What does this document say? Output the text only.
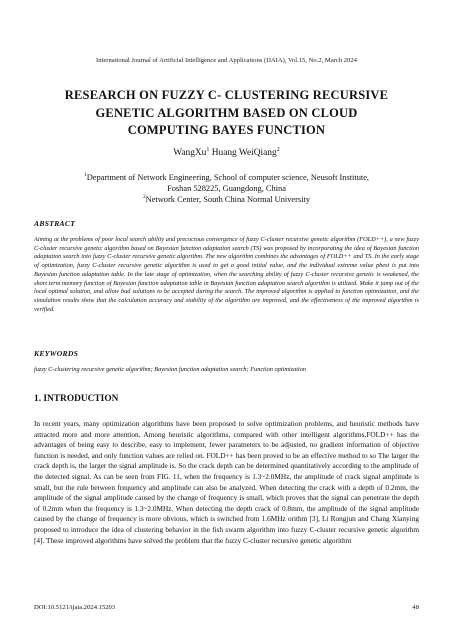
International Journal of Artificial Intelligence and Applications (IJAIA), Vol.15, No.2, March 2024
RESEARCH ON FUZZY C- CLUSTERING RECURSIVE
GENETIC ALGORITHM BASED ON CLOUD
COMPUTING BAYES FUNCTION
WangXu$^1$ Huang WeiQiang$^2$
$^1$Department of Network Engineering, School of computer science, Neusoft Institute,
Foshan 528225, Guangdong, China
$^2$Network Center, South China Normal University
ABSTRACT
Aiming at the problems of poor local search ability and precocious convergence of fuzzy C-cluster recursive genetic algorithm (FOLD++), a new fuzzy C-cluster recursive genetic algorithm based on Bayesian function adaptation search (TS) was proposed by incorporating the idea of Bayesian function adaptation search into fuzzy C-cluster recursive genetic algorithm. The new algorithm combines the advantages of FOLD++ and TS. In the early stage of optimization, fuzzy C-cluster recursive genetic algorithm is used to get a good initial value, and the individual extreme value pbest is put into Bayesian function adaptation table. In the late stage of optimization, when the searching ability of fuzzy C-cluster recursive genetic is weakened, the short term memory function of Bayesian function adaptation table in Bayesian function adaptation search algorithm is utilized. Make it jump out of the local optimal solution, and allow bad solutions to be accepted during the search. The improved algorithm is applied to function optimization, and the simulation results show that the calculation accuracy and stability of the algorithm are improved, and the effectiveness of the improved algorithm is verified.
KEYWORDS
fuzzy C-clustering recursive genetic algorithm; Bayesian function adaptation search; Function optimization
1. INTRODUCTION
In recent years, many optimization algorithms have been proposed to solve optimization problems, and heuristic methods have attracted more and more attention. Among heuristic algorithms, compared with other intelligent algorithms,FOLD++ has the advantages of being easy to describe, easy to implement, fewer parameters to be adjusted, no gradient information of objective function is needed, and only function values are relied on. FOLD++ has been proved to be an effective method to so The larger the crack depth is, the larger the signal amplitude is. So the crack depth can be determined quantitatively according to the amplitude of the detected signal. As can be seen from FIG. 11, when the frequency is 1.3~2.0MHz, the amplitude of crack signal amplitude is small, but the rule between frequency and amplitude can also be analyzed. When detecting the crack with a depth of 0.2mm, the amplitude of the signal amplitude caused by the change of frequency is small, which proves that the signal can penetrate the depth of 0.2mm when the frequency is 1.3~2.0MHz. When detecting the depth crack of 0.8mm, the amplitude of the signal amplitude caused by the change of frequency is more obvious, which is switched from 1.6MHz orithm [3], Li Rongjun and Chang Xianying proposed to introduce the idea of clustering behavior in the fish swarm algorithm into fuzzy C-cluster recursive genetic algorithm [4]. These improved algorithms have solved the problem that the fuzzy C-cluster recursive genetic algorithm
DOI:10.5121/ijaia.2024.15203	48
